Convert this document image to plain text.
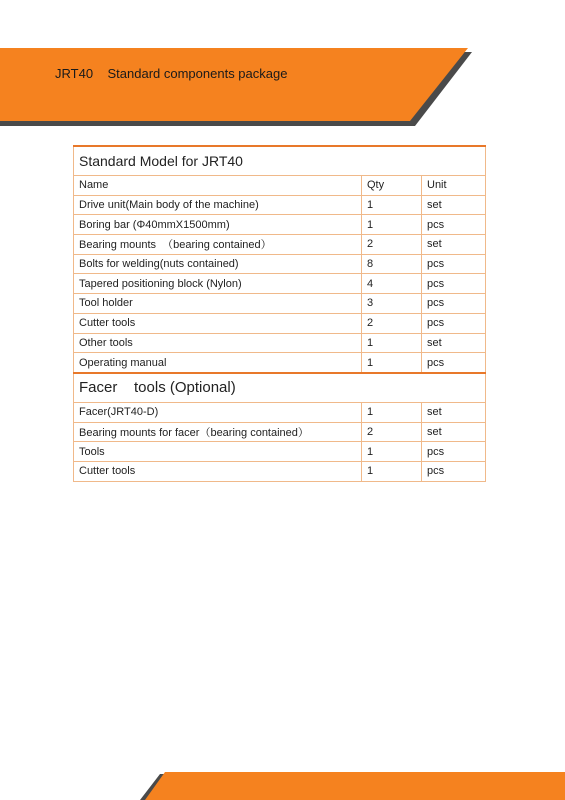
JRT40    Standard components package
Standard Model for JRT40		
Name	Qty	Unit
Drive unit(Main body of the machine)	1	set
Boring bar (Φ40mmX1500mm)	1	pcs
Bearing mounts  （bearing contained）	2	set
Bolts for welding(nuts contained)	8	pcs
Tapered positioning block (Nylon)	4	pcs
Tool holder	3	pcs
Cutter tools	2	pcs
Other tools	1	set
Operating manual	1	pcs
Facer    tools (Optional)		
Facer(JRT40-D)	1	set
Bearing mounts for facer（bearing contained）	2	set
Tools	1	pcs
Cutter tools	1	pcs
